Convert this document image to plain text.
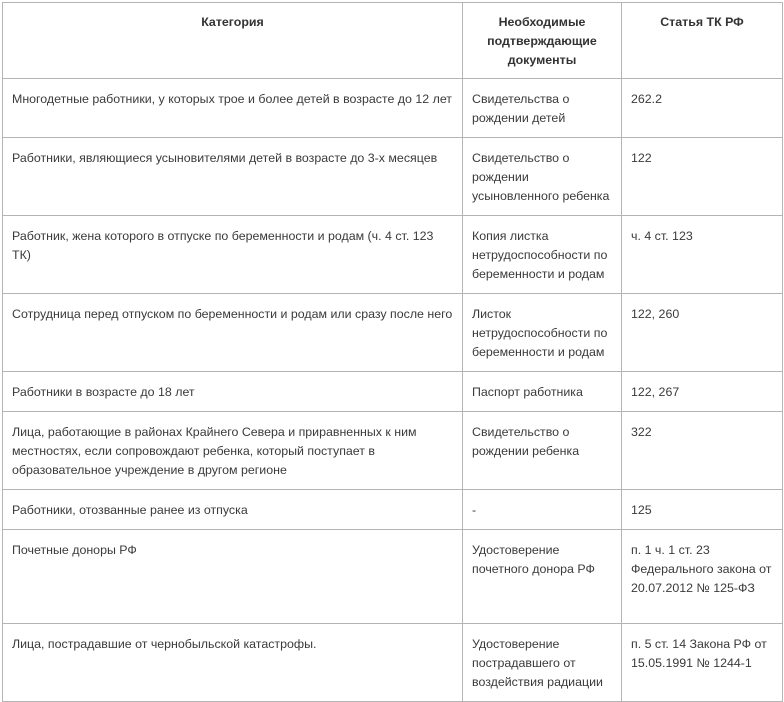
Категория	Необходимые подтверждающие документы	Статья ТК РФ
Многодетные работники, у которых трое и более детей в возрасте до 12 лет	Свидетельства о рождении детей	262.2
Работники, являющиеся усыновителями детей в возрасте до 3-х месяцев	Свидетельство о рождении усыновленного ребенка	122
Работник, жена которого в отпуске по беременности и родам (ч. 4 ст. 123 ТК)	Копия листка нетрудоспособности по беременности и родам	ч. 4 ст. 123
Сотрудница перед отпуском по беременности и родам или сразу после него	Листок нетрудоспособности по беременности и родам	122, 260
Работники в возрасте до 18 лет	Паспорт работника	122, 267
Лица, работающие в районах Крайнего Севера и приравненных к ним местностях, если сопровождают ребенка, который поступает в образовательное учреждение в другом регионе	Свидетельство о рождении ребенка	322
Работники, отозванные ранее из отпуска	-	125
Почетные доноры РФ	Удостоверение почетного донора РФ	п. 1 ч. 1 ст. 23 Федерального закона от 20.07.2012 № 125-ФЗ
Лица, пострадавшие от чернобыльской катастрофы.	Удостоверение пострадавшего от воздействия радиации	п. 5 ст. 14 Закона РФ от 15.05.1991 № 1244-1
